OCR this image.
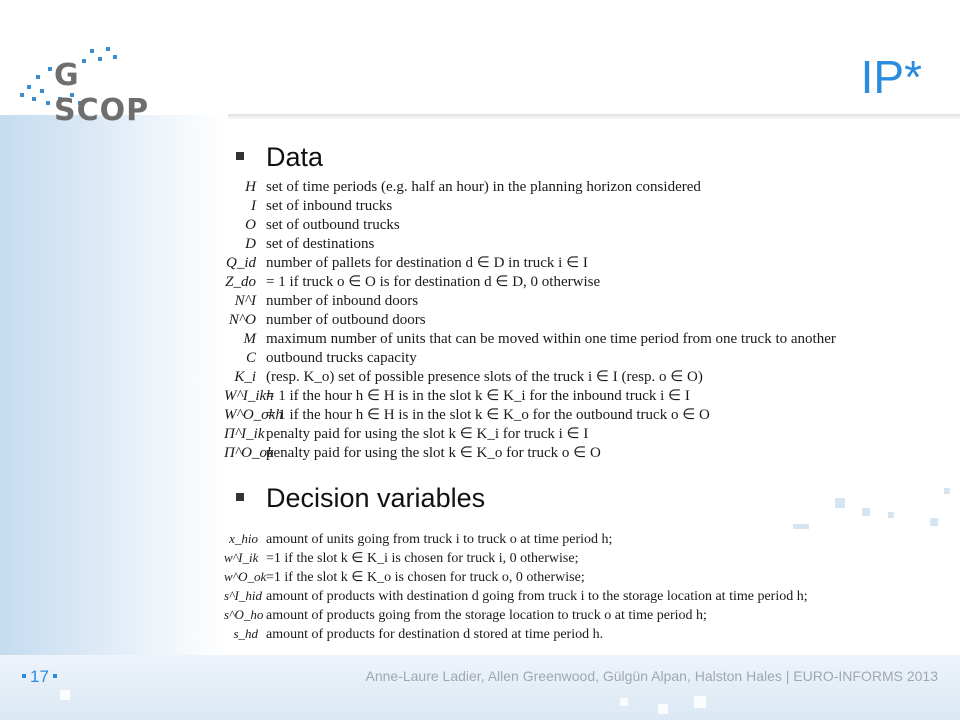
G SCOP
IP*
Data
H set of time periods (e.g. half an hour) in the planning horizon considered
I set of inbound trucks
O set of outbound trucks
D set of destinations
Q_id number of pallets for destination d ∈ D in truck i ∈ I
Z_do = 1 if truck o ∈ O is for destination d ∈ D, 0 otherwise
N^I number of inbound doors
N^O number of outbound doors
M maximum number of units that can be moved within one time period from one truck to another
C outbound trucks capacity
K_i (resp. K_o) set of possible presence slots of the truck i ∈ I (resp. o ∈ O)
W^I_ikh
= 1 if the hour h ∈ H is in the slot k ∈ K_i for the inbound truck i ∈ I
W^O_okh
= 1 if the hour h ∈ H is in the slot k ∈ K_o for the outbound truck o ∈ O
Π^I_ik penalty paid for using the slot k ∈ K_i for truck i ∈ I
Π^O_ok
penalty paid for using the slot k ∈ K_o for truck o ∈ O
Decision variables
x_hio amount of units going from truck i to truck o at time period h;
w^I_ik =1 if the slot k ∈ K_i is chosen for truck i, 0 otherwise;
w^O_ok =1 if the slot k ∈ K_o is chosen for truck o, 0 otherwise;
s^I_hid amount of products with destination d going from truck i to the storage location at time period h;
s^O_ho amount of products going from the storage location to truck o at time period h;
s_hd amount of products for destination d stored at time period h.
17	Anne-Laure Ladier, Allen Greenwood, Gülgün Alpan, Halston Hales | EURO-INFORMS 2013
